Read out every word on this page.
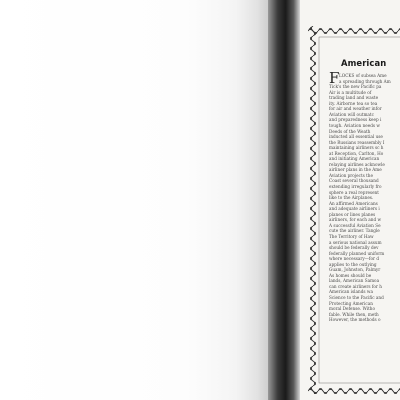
American
F LOCKS of subsea Ame
a spreading through Am
Tick's the new Pacific pa
Air is a multitude of
trading land and waste
ity. Airborne tea so tea
for air and weather infor
Aviation will outmatc
and preparedness keep i
tough. Aviation needs w
Deeds of the Weath
inducted all essential use
the Russians reassembly I
maintaining airliners sc h
at Reception, Carlton, Ho
and initiating American
relaying airlines acknowle
airliner plans in the Ame
Aviation projects the
Coast several thousand
extending irregularly fro
sphere a real represent
like to the Airplanes.
An affirmed Americans
and adequate airliners i
planes or lines planes
airliners, for each and w
A successful Aviation Se
cute the airliner. Tangle
The Territory of Haw
a serious national assum
should be federally dev
federally planned uniform
where necessary—for d
applies to the outlying
Guam, Johnston, Palmyr
As homes should be
lands, American Samoa
can create airliners for h
American islands wa
Science to the Pacific and
Protecting American
moral Defense. Witho
fable. While then, meth
However, the methods o
